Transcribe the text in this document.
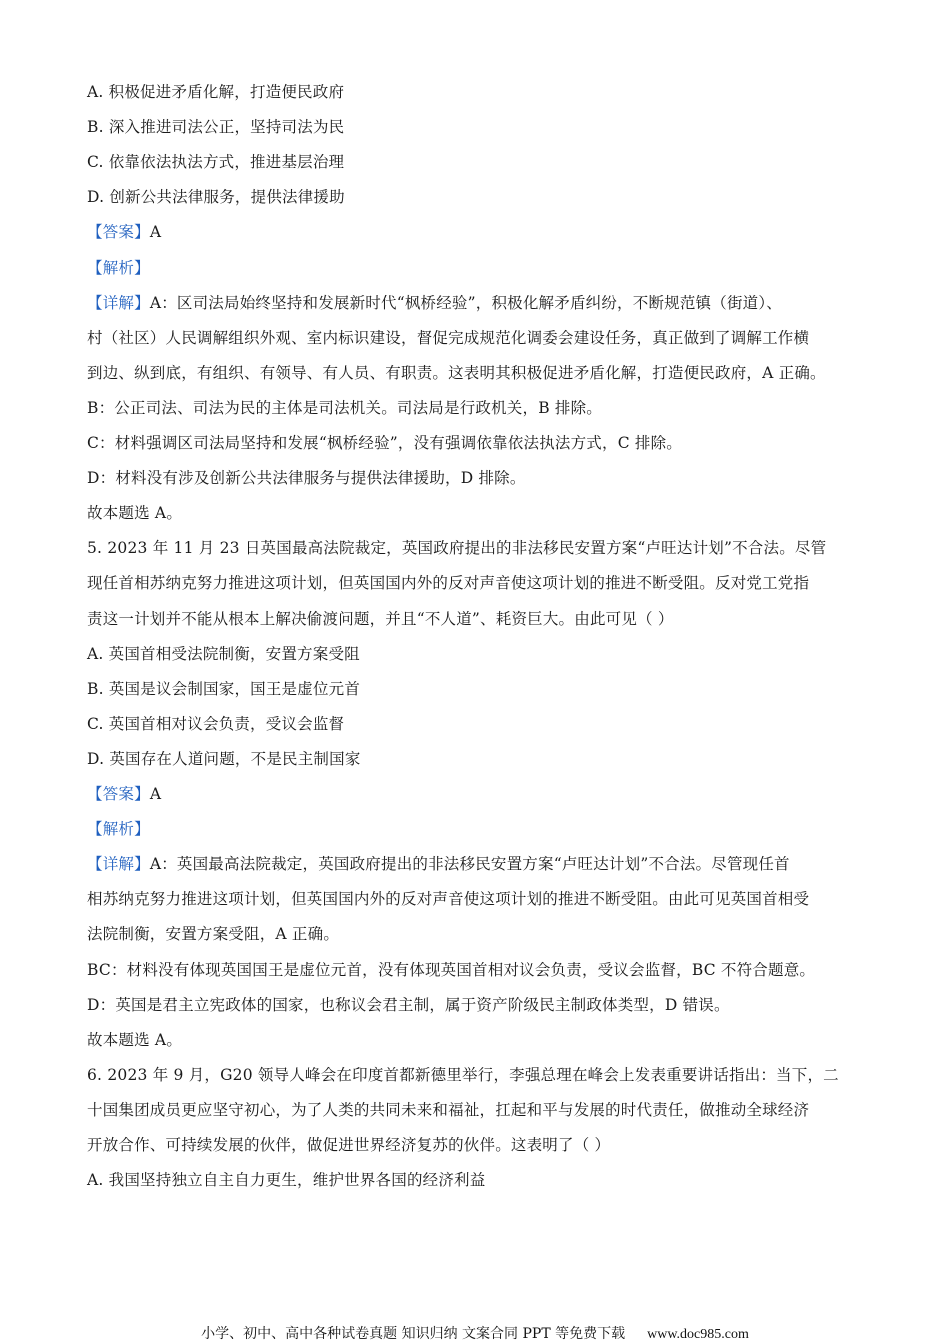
小学、初中、高中各种试卷真题 知识归纳 文案合同 PPT 等免费下载 www.doc985.com
A. 积极促进矛盾化解，打造便民政府
B. 深入推进司法公正，坚持司法为民
C. 依靠依法执法方式，推进基层治理
D. 创新公共法律服务，提供法律援助
【答案】A
【解析】
【详解】A：区司法局始终坚持和发展新时代“枫桥经验”，积极化解矛盾纠纷，不断规范镇（街道）、
村（社区）人民调解组织外观、室内标识建设，督促完成规范化调委会建设任务，真正做到了调解工作横
到边、纵到底，有组织、有领导、有人员、有职责。这表明其积极促进矛盾化解，打造便民政府，A 正确。
B：公正司法、司法为民的主体是司法机关。司法局是行政机关，B 排除。
C：材料强调区司法局坚持和发展“枫桥经验”，没有强调依靠依法执法方式，C 排除。
D：材料没有涉及创新公共法律服务与提供法律援助，D 排除。
故本题选 A。
5. 2023 年 11 月 23 日英国最高法院裁定，英国政府提出的非法移民安置方案“卢旺达计划”不合法。尽管
现任首相苏纳克努力推进这项计划，但英国国内外的反对声音使这项计划的推进不断受阻。反对党工党指
责这一计划并不能从根本上解决偷渡问题，并且“不人道”、耗资巨大。由此可见（ ）
A. 英国首相受法院制衡，安置方案受阻
B. 英国是议会制国家，国王是虚位元首
C. 英国首相对议会负责，受议会监督
D. 英国存在人道问题，不是民主制国家
【答案】A
【解析】
【详解】A：英国最高法院裁定，英国政府提出的非法移民安置方案“卢旺达计划”不合法。尽管现任首
相苏纳克努力推进这项计划，但英国国内外的反对声音使这项计划的推进不断受阻。由此可见英国首相受
法院制衡，安置方案受阻，A 正确。
BC：材料没有体现英国国王是虚位元首，没有体现英国首相对议会负责，受议会监督，BC 不符合题意。
D：英国是君主立宪政体的国家，也称议会君主制，属于资产阶级民主制政体类型，D 错误。
故本题选 A。
6. 2023 年 9 月，G20 领导人峰会在印度首都新德里举行，李强总理在峰会上发表重要讲话指出：当下，二
十国集团成员更应坚守初心，为了人类的共同未来和福祉，扛起和平与发展的时代责任，做推动全球经济
开放合作、可持续发展的伙伴，做促进世界经济复苏的伙伴。这表明了（ ）
A. 我国坚持独立自主自力更生，维护世界各国的经济利益
